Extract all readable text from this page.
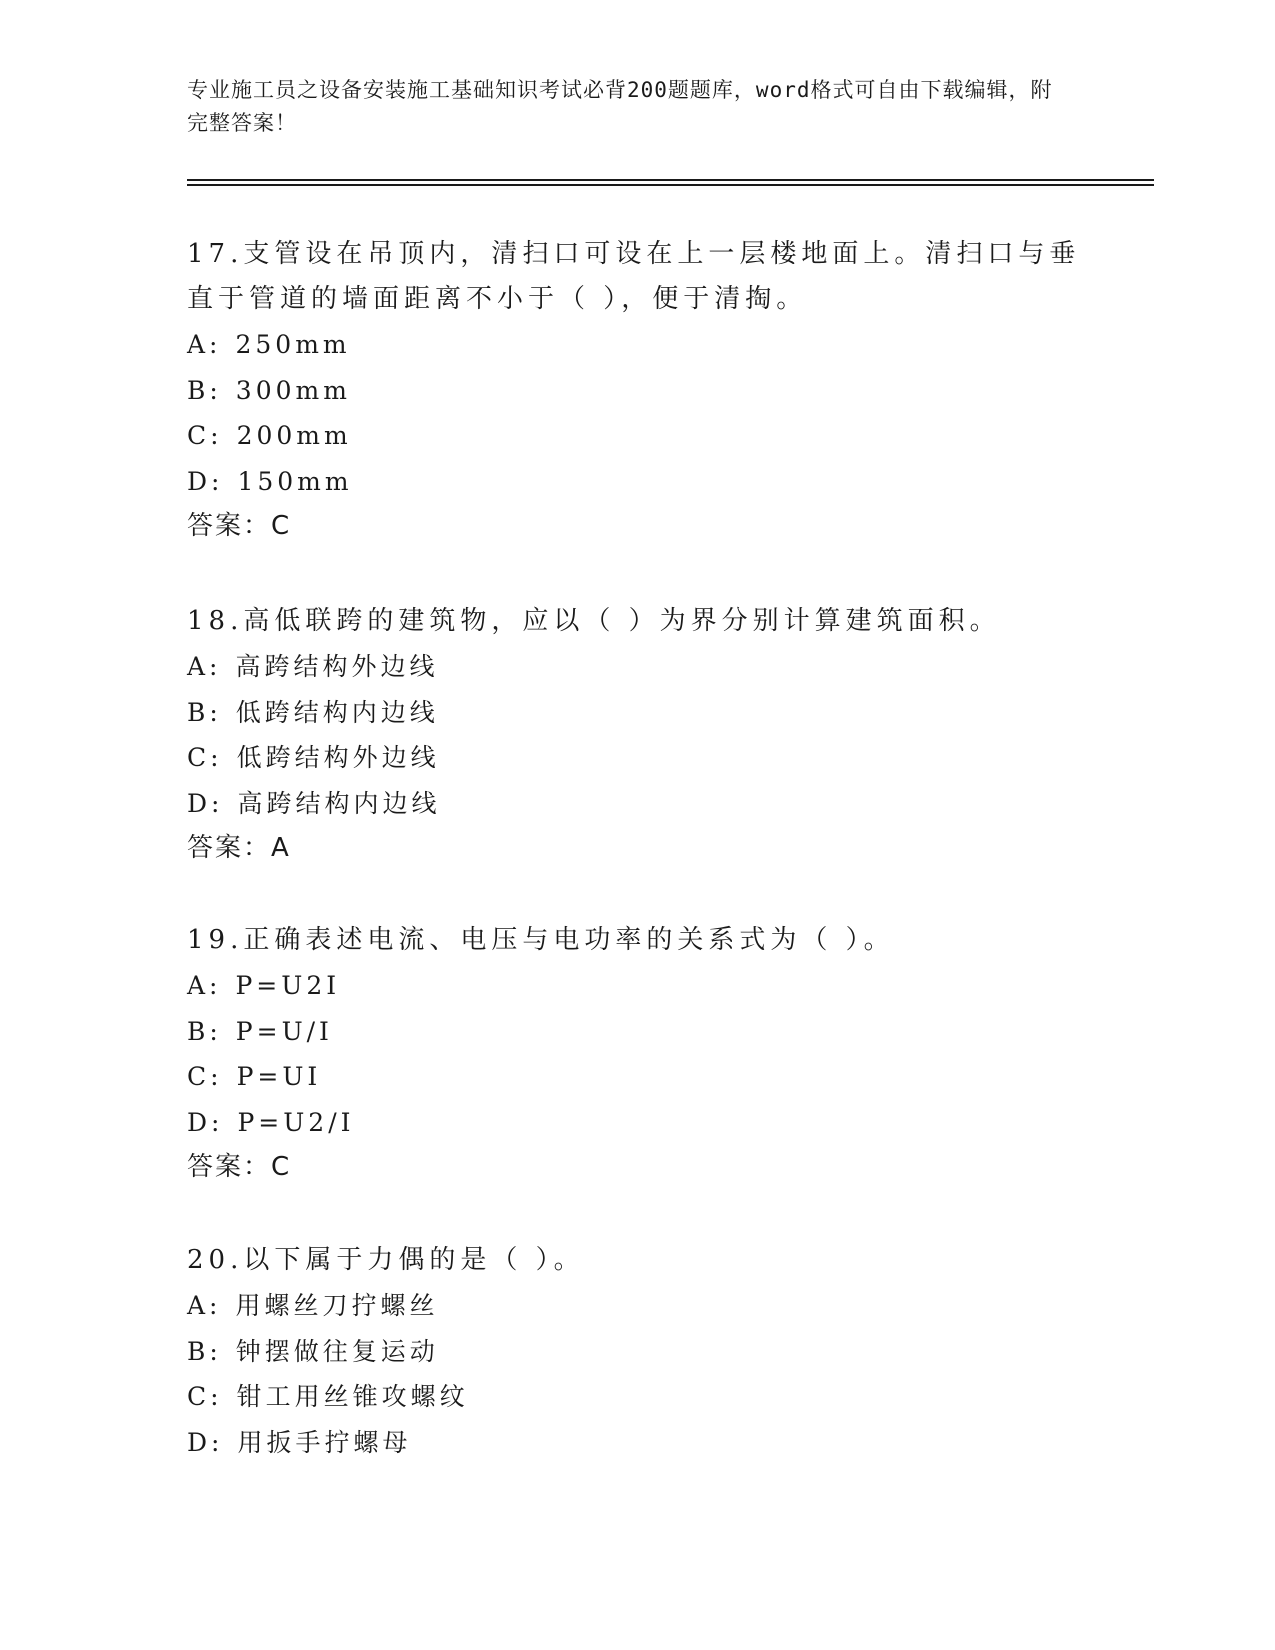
专业施工员之设备安装施工基础知识考试必背200题题库，word格式可自由下载编辑，附完整答案！

17.支管设在吊顶内，清扫口可设在上一层楼地面上。清扫口与垂直于管道的墙面距离不小于（ ），便于清掏。

A: 250mm

B: 300mm

C: 200mm

D: 150mm

答案：C

18.高低联跨的建筑物，应以（ ）为界分别计算建筑面积。

A: 高跨结构外边线

B: 低跨结构内边线

C: 低跨结构外边线

D: 高跨结构内边线

答案：A

19.正确表述电流、电压与电功率的关系式为（ ）。

A: P=U2I

B: P=U/I

C: P=UI

D: P=U2/I

答案：C

20.以下属于力偶的是（ ）。

A: 用螺丝刀拧螺丝

B: 钟摆做往复运动

C: 钳工用丝锥攻螺纹

D: 用扳手拧螺母
